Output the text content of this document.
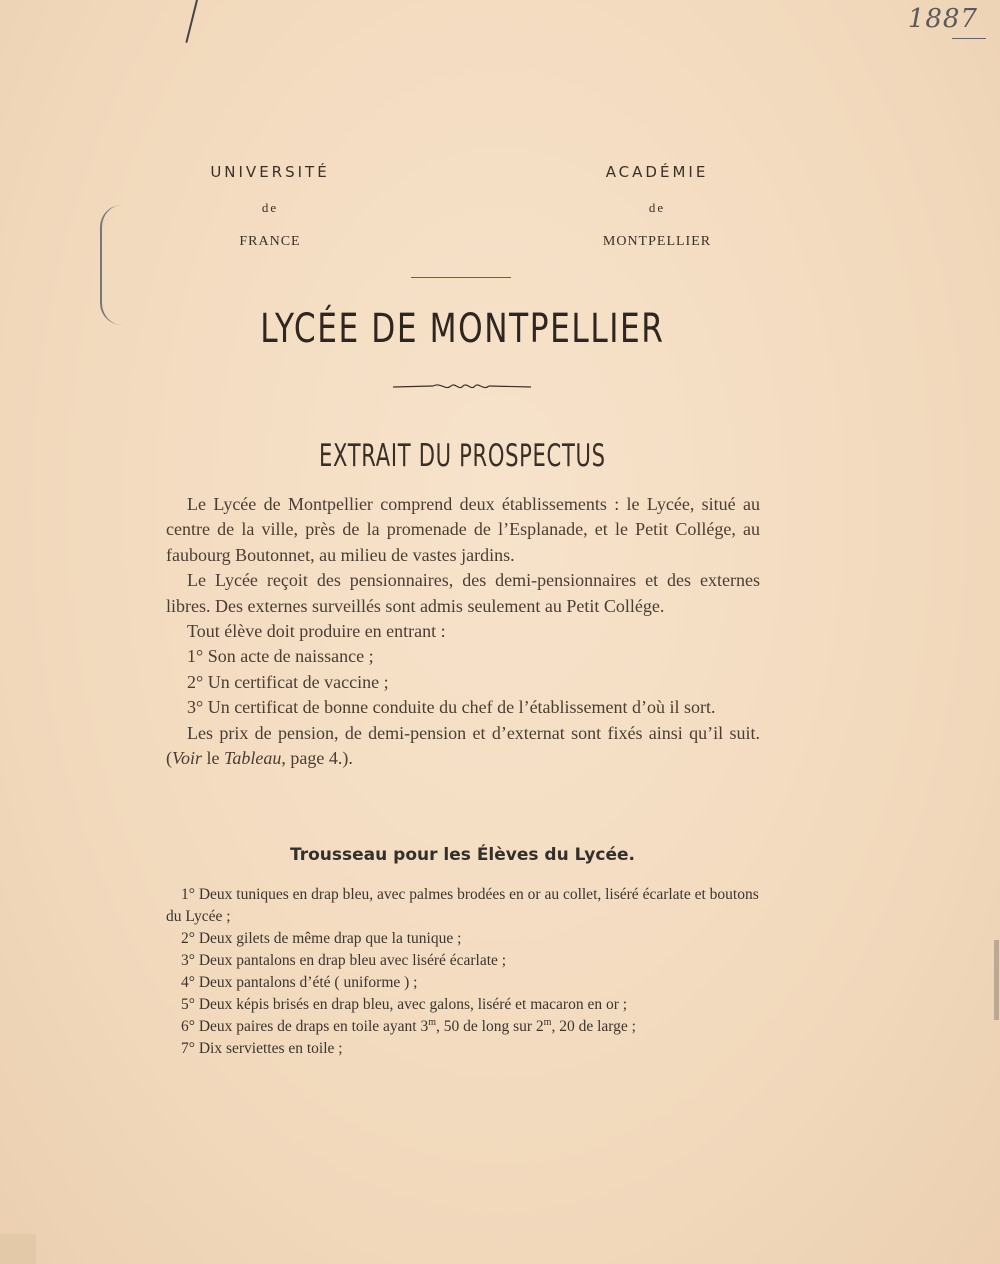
1887
UNIVERSITÉ
de
FRANCE
ACADÉMIE
de
MONTPELLIER
LYCÉE DE MONTPELLIER
EXTRAIT DU PROSPECTUS

Le Lycée de Montpellier comprend deux établissements : le Lycée, situé au centre de la ville, près de la promenade de l’Esplanade, et le Petit Collége, au faubourg Boutonnet, au milieu de vastes jardins.

Le Lycée reçoit des pensionnaires, des demi-pensionnaires et des externes libres. Des externes surveillés sont admis seulement au Petit Collége.

Tout élève doit produire en entrant :

1° Son acte de naissance ;

2° Un certificat de vaccine ;

3° Un certificat de bonne conduite du chef de l’établissement d’où il sort.

Les prix de pension, de demi-pension et d’externat sont fixés ainsi qu’il suit. (Voir le Tableau, page 4.).

Trousseau pour les Élèves du Lycée.

1° Deux tuniques en drap bleu, avec palmes brodées en or au collet, liséré écarlate et boutons du Lycée ;

2° Deux gilets de même drap que la tunique ;

3° Deux pantalons en drap bleu avec liséré écarlate ;

4° Deux pantalons d’été ( uniforme ) ;

5° Deux képis brisés en drap bleu, avec galons, liséré et macaron en or ;

6° Deux paires de draps en toile ayant 3$^m$, 50 de long sur 2$^m$, 20 de large ;

7° Dix serviettes en toile ;
